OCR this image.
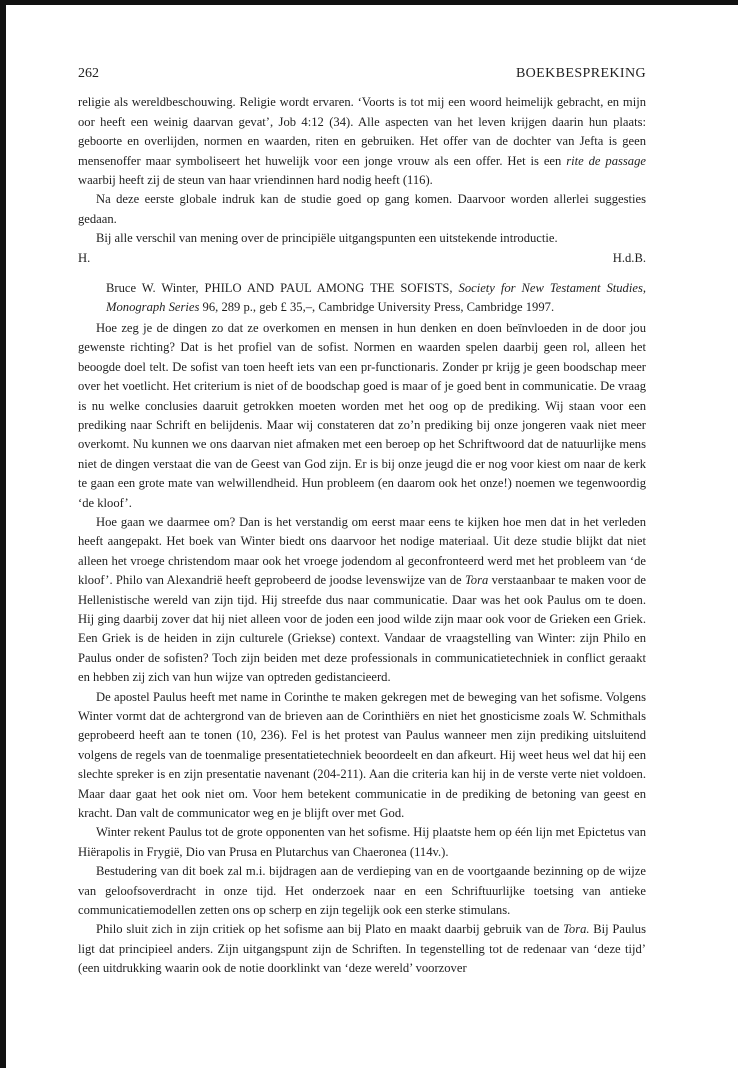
262	BOEKBESPREKING

religie als wereldbeschouwing. Religie wordt ervaren. ‘Voorts is tot mij een woord heimelijk gebracht, en mijn oor heeft een weinig daarvan gevat’, Job 4:12 (34). Alle aspecten van het leven krijgen daarin hun plaats: geboorte en overlijden, normen en waarden, riten en gebruiken. Het offer van de dochter van Jefta is geen mensenoffer maar symboliseert het huwelijk voor een jonge vrouw als een offer. Het is een rite de passage waarbij heeft zij de steun van haar vriendinnen hard nodig heeft (116).

Na deze eerste globale indruk kan de studie goed op gang komen. Daarvoor worden allerlei suggesties gedaan.

Bij alle verschil van mening over de principiële uitgangspunten een uitstekende introductie.

H.	H.d.B.

Bruce W. Winter, PHILO AND PAUL AMONG THE SOFISTS, Society for New Testament Studies, Monograph Series 96, 289 p., geb £ 35,–, Cambridge University Press, Cambridge 1997.

Hoe zeg je de dingen zo dat ze overkomen en mensen in hun denken en doen beïnvloeden in de door jou gewenste richting? Dat is het profiel van de sofist. Normen en waarden spelen daarbij geen rol, alleen het beoogde doel telt. De sofist van toen heeft iets van een pr-functionaris. Zonder pr krijg je geen boodschap meer over het voetlicht. Het criterium is niet of de boodschap goed is maar of je goed bent in communicatie. De vraag is nu welke conclusies daaruit getrokken moeten worden met het oog op de prediking. Wij staan voor een prediking naar Schrift en belijdenis. Maar wij constateren dat zo’n prediking bij onze jongeren vaak niet meer overkomt. Nu kunnen we ons daarvan niet afmaken met een beroep op het Schriftwoord dat de natuurlijke mens niet de dingen verstaat die van de Geest van God zijn. Er is bij onze jeugd die er nog voor kiest om naar de kerk te gaan een grote mate van welwillendheid. Hun probleem (en daarom ook het onze!) noemen we tegenwoordig ‘de kloof’.

Hoe gaan we daarmee om? Dan is het verstandig om eerst maar eens te kijken hoe men dat in het verleden heeft aangepakt. Het boek van Winter biedt ons daarvoor het nodige materiaal. Uit deze studie blijkt dat niet alleen het vroege christendom maar ook het vroege jodendom al geconfronteerd werd met het probleem van ‘de kloof’. Philo van Alexandrië heeft geprobeerd de joodse levenswijze van de Tora verstaanbaar te maken voor de Hellenistische wereld van zijn tijd. Hij streefde dus naar communicatie. Daar was het ook Paulus om te doen. Hij ging daarbij zover dat hij niet alleen voor de joden een jood wilde zijn maar ook voor de Grieken een Griek. Een Griek is de heiden in zijn culturele (Griekse) context. Vandaar de vraagstelling van Winter: zijn Philo en Paulus onder de sofisten? Toch zijn beiden met deze professionals in communicatietechniek in conflict geraakt en hebben zij zich van hun wijze van optreden gedistancieerd.

De apostel Paulus heeft met name in Corinthe te maken gekregen met de beweging van het sofisme. Volgens Winter vormt dat de achtergrond van de brieven aan de Corinthiërs en niet het gnosticisme zoals W. Schmithals geprobeerd heeft aan te tonen (10, 236). Fel is het protest van Paulus wanneer men zijn prediking uitsluitend volgens de regels van de toenmalige presentatietechniek beoordeelt en dan afkeurt. Hij weet heus wel dat hij een slechte spreker is en zijn presentatie navenant (204-211). Aan die criteria kan hij in de verste verte niet voldoen. Maar daar gaat het ook niet om. Voor hem betekent communicatie in de prediking de betoning van geest en kracht. Dan valt de communicator weg en je blijft over met God.

Winter rekent Paulus tot de grote opponenten van het sofisme. Hij plaatste hem op één lijn met Epictetus van Hiërapolis in Frygië, Dio van Prusa en Plutarchus van Chaeronea (114v.).

Bestudering van dit boek zal m.i. bijdragen aan de verdieping van en de voortgaande bezinning op de wijze van geloofsoverdracht in onze tijd. Het onderzoek naar en een Schriftuurlijke toetsing van antieke communicatiemodellen zetten ons op scherp en zijn tegelijk ook een sterke stimulans.

Philo sluit zich in zijn critiek op het sofisme aan bij Plato en maakt daarbij gebruik van de Tora. Bij Paulus ligt dat principieel anders. Zijn uitgangspunt zijn de Schriften. In tegenstelling tot de redenaar van ‘deze tijd’ (een uitdrukking waarin ook de notie doorklinkt van ‘deze wereld’ voorzover
